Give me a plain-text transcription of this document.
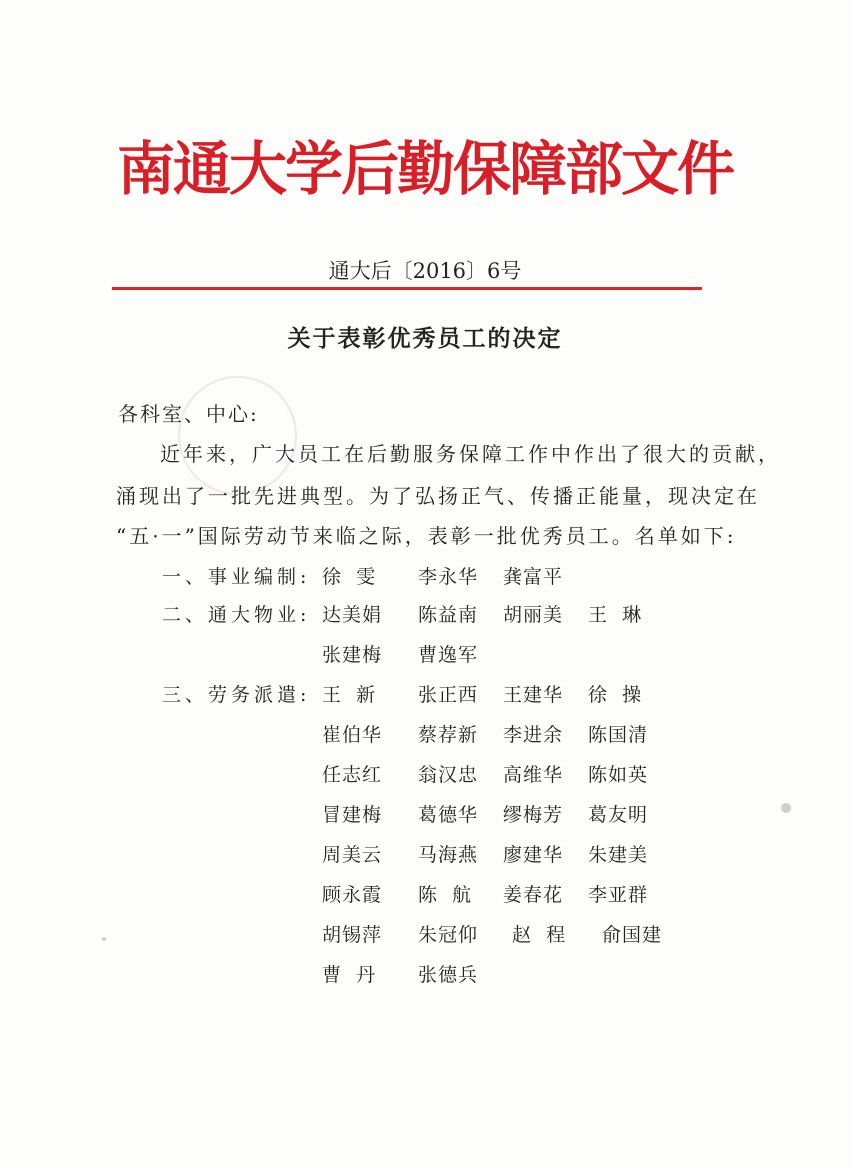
南通大学后勤保障部文件
通大后〔2016〕6号
关于表彰优秀员工的决定
各科室、中心:
近年来，广大员工在后勤服务保障工作中作出了很大的贡献，
涌现出了一批先进典型。为了弘扬正气、传播正能量，现决定在
“五·一”国际劳动节来临之际，表彰一批优秀员工。名单如下:
一、事业编制: 徐  雯 李永华 龚富平
二、通大物业: 达美娟 陈益南 胡丽美 王  琳
张建梅 曹逸军
三、劳务派遣: 王  新 张正西 王建华 徐  操
崔伯华 蔡荐新 李进余 陈国清
任志红 翁汉忠 高维华 陈如英
冒建梅 葛德华 缪梅芳 葛友明
周美云 马海燕 廖建华 朱建美
顾永霞 陈  航 姜春花 李亚群
胡锡萍 朱冠仰 赵  程 俞国建
曹  丹 张德兵
